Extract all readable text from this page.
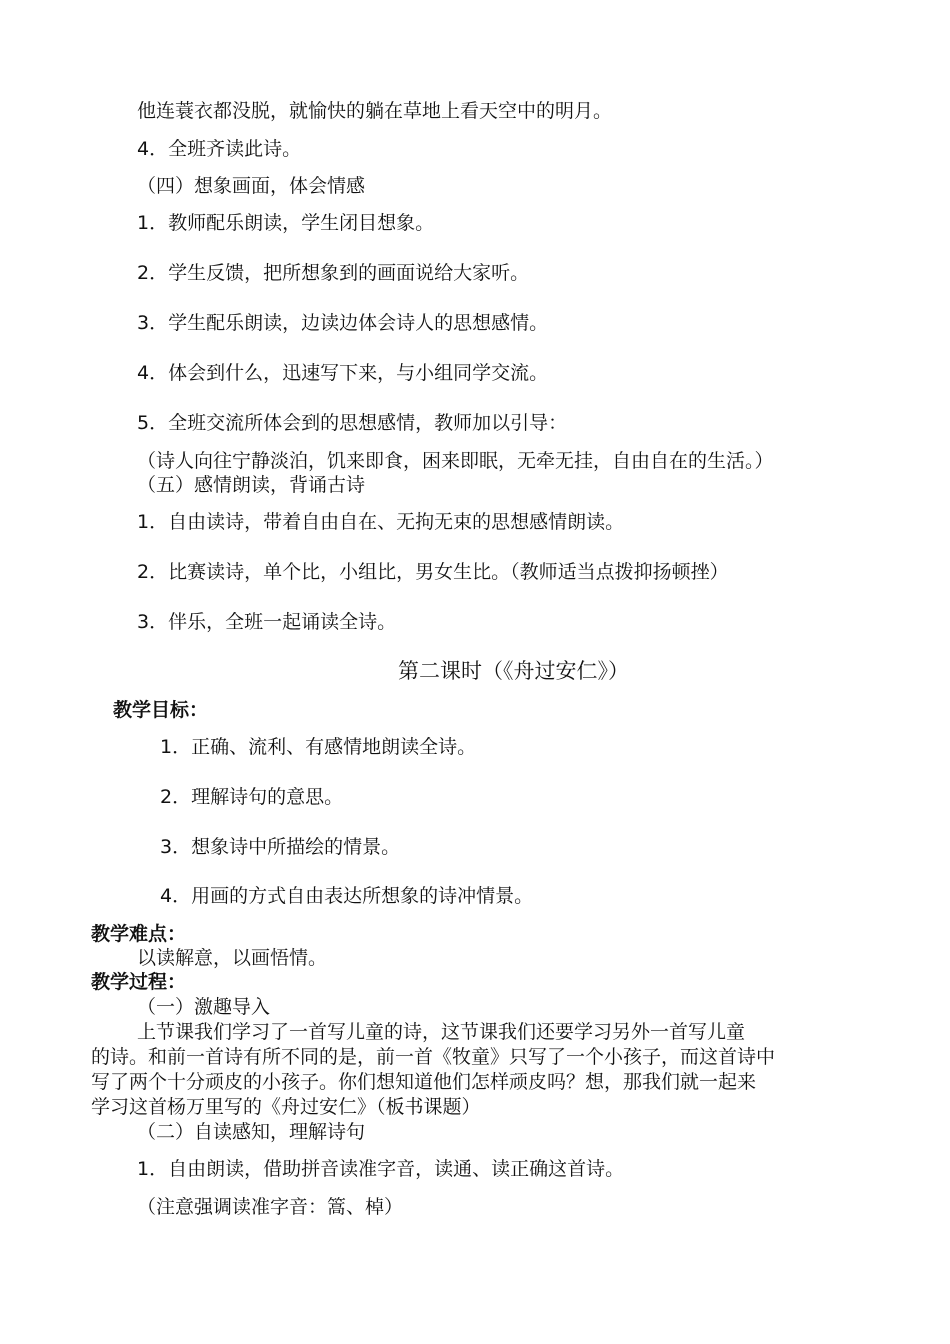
他连蓑衣都没脱，就愉快的躺在草地上看天空中的明月。
4．全班齐读此诗。
（四）想象画面，体会情感
1．教师配乐朗读，学生闭目想象。
2．学生反馈，把所想象到的画面说给大家听。
3．学生配乐朗读，边读边体会诗人的思想感情。
4．体会到什么，迅速写下来，与小组同学交流。
5．全班交流所体会到的思想感情，教师加以引导：
（诗人向往宁静淡泊，饥来即食，困来即眠，无牵无挂，自由自在的生活。）
（五）感情朗读，背诵古诗
1．自由读诗，带着自由自在、无拘无束的思想感情朗读。
2．比赛读诗，单个比，小组比，男女生比。（教师适当点拨抑扬顿挫）
3．伴乐，全班一起诵读全诗。
第二课时（《舟过安仁》）
教学目标：
1．正确、流利、有感情地朗读全诗。
2．理解诗句的意思。
3．想象诗中所描绘的情景。
4．用画的方式自由表达所想象的诗冲情景。
教学难点：
以读解意，以画悟情。
教学过程：
（一）激趣导入
上节课我们学习了一首写儿童的诗，这节课我们还要学习另外一首写儿童
的诗。和前一首诗有所不同的是，前一首《牧童》只写了一个小孩子，而这首诗中
写了两个十分顽皮的小孩子。你们想知道他们怎样顽皮吗？想，那我们就一起来
学习这首杨万里写的《舟过安仁》（板书课题）
（二）自读感知，理解诗句
1．自由朗读，借助拼音读准字音，读通、读正确这首诗。
（注意强调读准字音：篙、棹）
